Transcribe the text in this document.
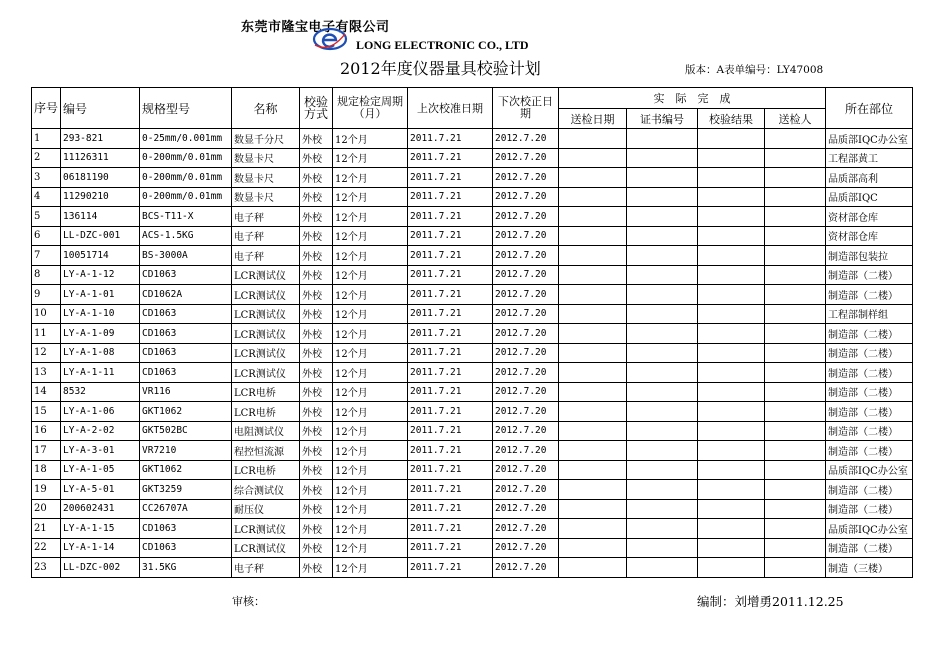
东莞市隆宝电子有限公司
LONG ELECTRONIC CO., LTD
2012年度仪器量具校验计划	版本：A表单编号：LY47008
序号	编号	规格型号	名称	校验方式	规定检定周期（月）	上次校准日期	下次校正日期	实　际　完　成				所在部位
								送检日期	证书编号	校验结果	送检人	
1	293-821	0-25mm/0.001mm	数显千分尺	外校	12个月	2011.7.21	2012.7.20					品质部IQC办公室
2	11126311	0-200mm/0.01mm	数显卡尺	外校	12个月	2011.7.21	2012.7.20					工程部黄工
3	06181190	0-200mm/0.01mm	数显卡尺	外校	12个月	2011.7.21	2012.7.20					品质部高利
4	11290210	0-200mm/0.01mm	数显卡尺	外校	12个月	2011.7.21	2012.7.20					品质部IQC
5	136114	BCS-T11-X	电子秤	外校	12个月	2011.7.21	2012.7.20					资材部仓库
6	LL-DZC-001	ACS-1.5KG	电子秤	外校	12个月	2011.7.21	2012.7.20					资材部仓库
7	10051714	BS-3000A	电子秤	外校	12个月	2011.7.21	2012.7.20					制造部包装拉
8	LY-A-1-12	CD1063	LCR测试仪	外校	12个月	2011.7.21	2012.7.20					制造部（二楼）
9	LY-A-1-01	CD1062A	LCR测试仪	外校	12个月	2011.7.21	2012.7.20					制造部（二楼）
10	LY-A-1-10	CD1063	LCR测试仪	外校	12个月	2011.7.21	2012.7.20					工程部制样组
11	LY-A-1-09	CD1063	LCR测试仪	外校	12个月	2011.7.21	2012.7.20					制造部（二楼）
12	LY-A-1-08	CD1063	LCR测试仪	外校	12个月	2011.7.21	2012.7.20					制造部（二楼）
13	LY-A-1-11	CD1063	LCR测试仪	外校	12个月	2011.7.21	2012.7.20					制造部（二楼）
14	8532	VR116	LCR电桥	外校	12个月	2011.7.21	2012.7.20					制造部（二楼）
15	LY-A-1-06	GKT1062	LCR电桥	外校	12个月	2011.7.21	2012.7.20					制造部（二楼）
16	LY-A-2-02	GKT502BC	电阻测试仪	外校	12个月	2011.7.21	2012.7.20					制造部（二楼）
17	LY-A-3-01	VR7210	程控恒流源	外校	12个月	2011.7.21	2012.7.20					制造部（二楼）
18	LY-A-1-05	GKT1062	LCR电桥	外校	12个月	2011.7.21	2012.7.20					品质部IQC办公室
19	LY-A-5-01	GKT3259	综合测试仪	外校	12个月	2011.7.21	2012.7.20					制造部（二楼）
20	200602431	CC26707A	耐压仪	外校	12个月	2011.7.21	2012.7.20					制造部（二楼）
21	LY-A-1-15	CD1063	LCR测试仪	外校	12个月	2011.7.21	2012.7.20					品质部IQC办公室
22	LY-A-1-14	CD1063	LCR测试仪	外校	12个月	2011.7.21	2012.7.20					制造部（二楼）
23	LL-DZC-002	31.5KG	电子秤	外校	12个月	2011.7.21	2012.7.20					制造（三楼）
审核：	编制：刘增勇2011.12.25
